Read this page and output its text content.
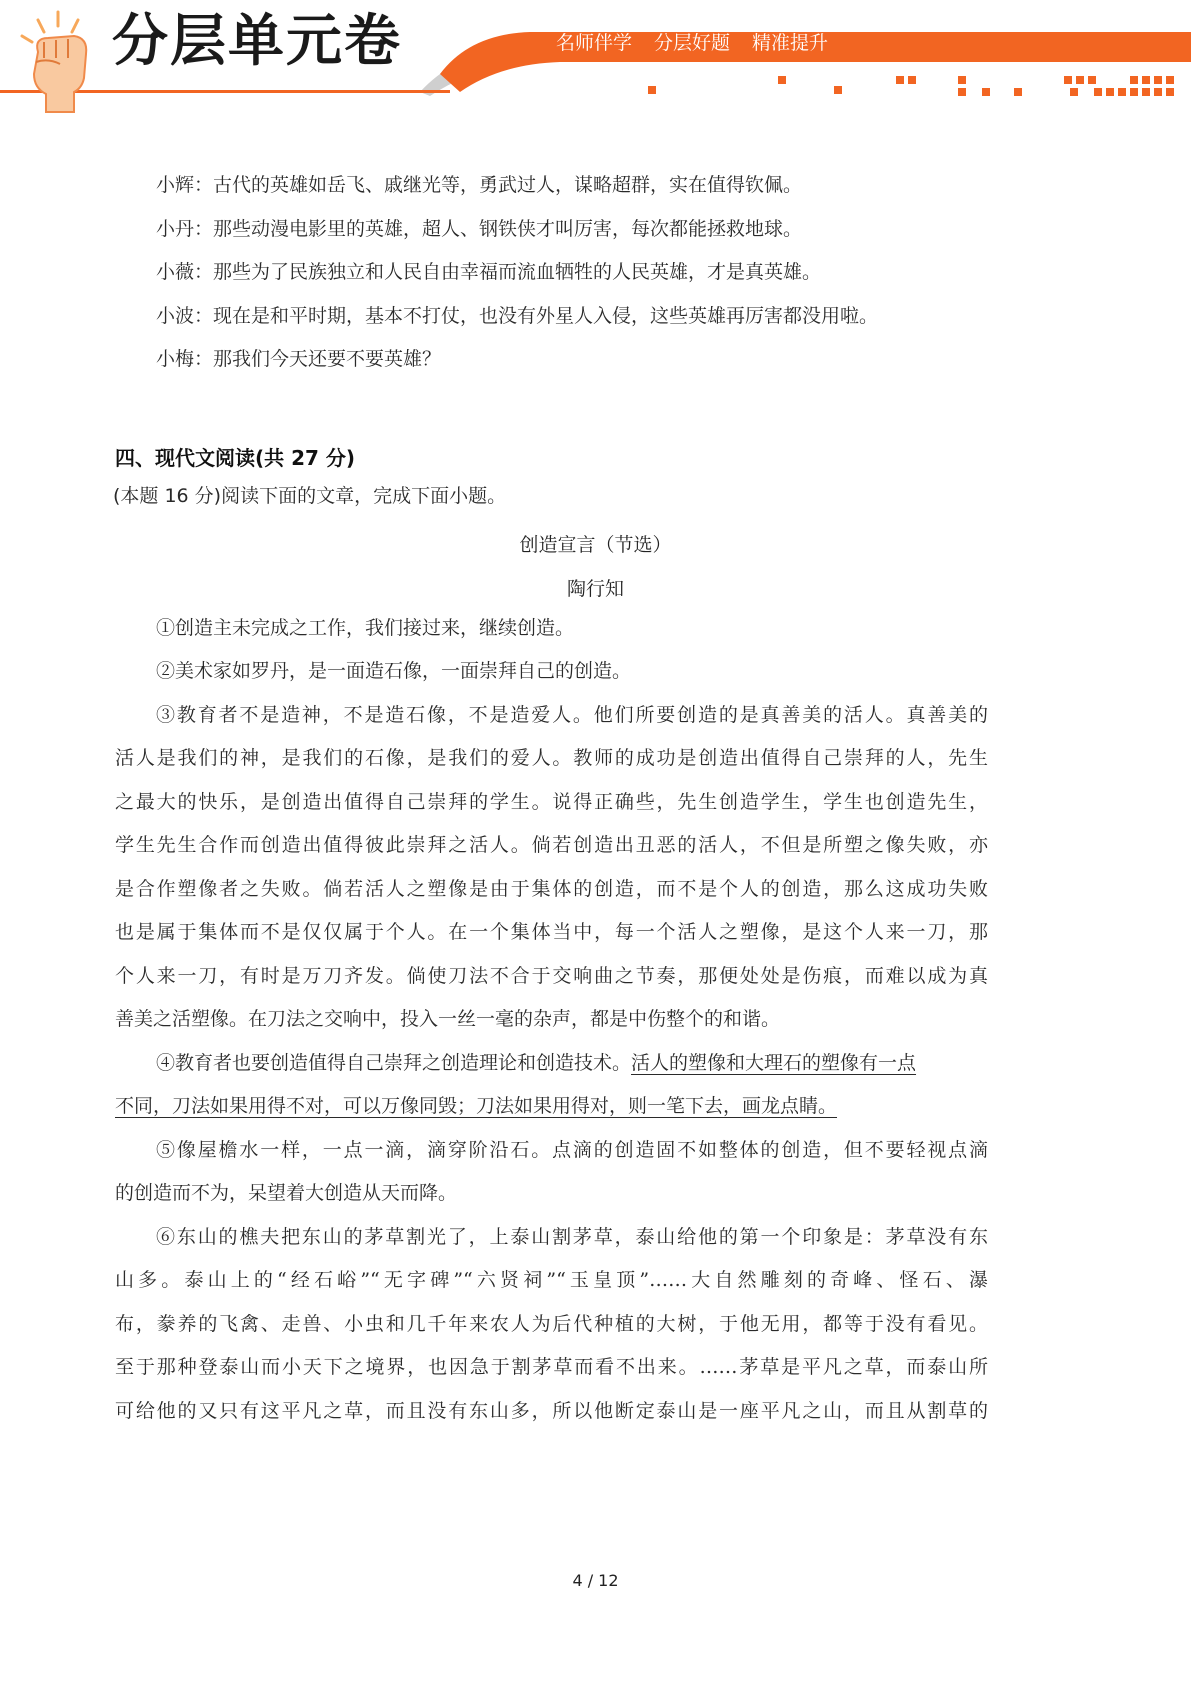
分层单元卷	名师伴学 分层好题 精准提升
小辉：古代的英雄如岳飞、戚继光等，勇武过人，谋略超群，实在值得钦佩。
小丹：那些动漫电影里的英雄，超人、钢铁侠才叫厉害，每次都能拯救地球。
小薇：那些为了民族独立和人民自由幸福而流血牺牲的人民英雄，才是真英雄。
小波：现在是和平时期，基本不打仗，也没有外星人入侵，这些英雄再厉害都没用啦。
小梅：那我们今天还要不要英雄？
四、现代文阅读(共 27 分)
(本题 16 分)阅读下面的文章，完成下面小题。
创造宣言（节选）
陶行知
①创造主未完成之工作，我们接过来，继续创造。
②美术家如罗丹，是一面造石像，一面崇拜自己的创造。
③教育者不是造神，不是造石像，不是造爱人。他们所要创造的是真善美的活人。真善美的
活人是我们的神，是我们的石像，是我们的爱人。教师的成功是创造出值得自己崇拜的人，先生
之最大的快乐，是创造出值得自己崇拜的学生。说得正确些，先生创造学生，学生也创造先生，
学生先生合作而创造出值得彼此崇拜之活人。倘若创造出丑恶的活人，不但是所塑之像失败，亦
是合作塑像者之失败。倘若活人之塑像是由于集体的创造，而不是个人的创造，那么这成功失败
也是属于集体而不是仅仅属于个人。在一个集体当中，每一个活人之塑像，是这个人来一刀，那
个人来一刀，有时是万刀齐发。倘使刀法不合于交响曲之节奏，那便处处是伤痕，而难以成为真
善美之活塑像。在刀法之交响中，投入一丝一毫的杂声，都是中伤整个的和谐。
④教育者也要创造值得自己崇拜之创造理论和创造技术。活人的塑像和大理石的塑像有一点
不同，刀法如果用得不对，可以万像同毁；刀法如果用得对，则一笔下去，画龙点睛。
⑤像屋檐水一样，一点一滴，滴穿阶沿石。点滴的创造固不如整体的创造，但不要轻视点滴
的创造而不为，呆望着大创造从天而降。
⑥东山的樵夫把东山的茅草割光了，上泰山割茅草，泰山给他的第一个印象是：茅草没有东
山多。泰山上的“经石峪”“无字碑”“六贤祠”“玉皇顶”……大自然雕刻的奇峰、怪石、瀑
布，豢养的飞禽、走兽、小虫和几千年来农人为后代种植的大树，于他无用，都等于没有看见。
至于那种登泰山而小天下之境界，也因急于割茅草而看不出来。……茅草是平凡之草，而泰山所
可给他的又只有这平凡之草，而且没有东山多，所以他断定泰山是一座平凡之山，而且从割草的
4 / 12
